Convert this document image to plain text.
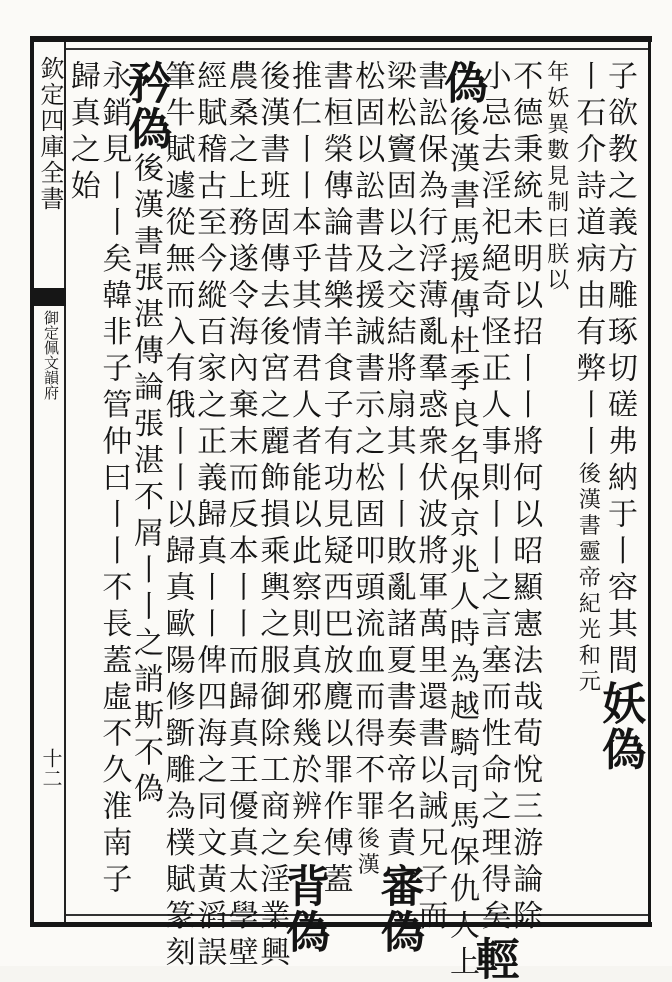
欽定四庫全書
御定佩文韻府
十二
子欲教之義方雕琢切磋弗納于丨容其間妖偽
丨石介詩道病由有弊丨丨後漢書靈帝紀光和元
年妖異數見制曰朕以
不德秉統未明以招丨丨將何以昭顯憲法哉荀悅三游論除
小忌去淫祀絕奇怪正人事則丨丨之言塞而性命之理得矣輕
偽後漢書馬援傳杜季良名保京兆人時為越騎司馬保仇人上
書訟保為行浮薄亂羣惑衆伏波將軍萬里還書以誡兄子而
梁松竇固以之交結將扇其丨丨敗亂諸夏書奏帝名責審偽
松固以訟書及援誡書示之松固叩頭流血而得不罪後漢
書桓榮傳論昔樂羊食子有功見疑西巴放麑以罪作傅蓋
推仁丨丨本乎其情君人者能以此察則真邪幾於辨矣背偽
後漢書班固傳去後宮之麗飾損乘輿之服御除工商之淫業興
農桑之上務遂令海內棄末而反本丨丨而歸真王優真太學壁
經賦稽古至今縱百家之正義歸真丨丨俾四海之同文黃滔誤
筆牛賦遽從無而入有俄丨丨以歸真歐陽修斵雕為樸賦篆刻
矜偽後漢書張湛傳論張湛不屑丨丨之誚斯不偽
永銷見丨丨矣韓非子管仲曰丨丨不長蓋虛不久淮南子
歸真之始
